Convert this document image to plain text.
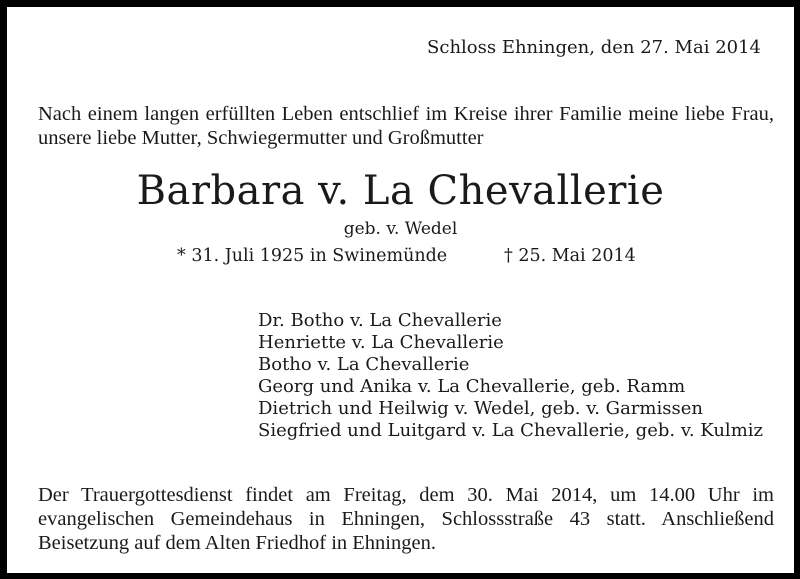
Schloss Ehningen, den 27. Mai 2014
Nach einem langen erfüllten Leben entschlief im Kreise ihrer Familie meine liebe Frau, unsere liebe Mutter, Schwiegermutter und Großmutter
Barbara v. La Chevallerie
geb. v. Wedel
* 31. Juli 1925 in Swinemünde	† 25. Mai 2014
Dr. Botho v. La Chevallerie
Henriette v. La Chevallerie
Botho v. La Chevallerie
Georg und Anika v. La Chevallerie, geb. Ramm
Dietrich und Heilwig v. Wedel, geb. v. Garmissen
Siegfried und Luitgard v. La Chevallerie, geb. v. Kulmiz
Der Trauergottesdienst findet am Freitag, dem 30. Mai 2014, um 14.00 Uhr im evangelischen Gemeindehaus in Ehningen, Schlossstraße 43 statt. Anschließend Beisetzung auf dem Alten Friedhof in Ehningen.
